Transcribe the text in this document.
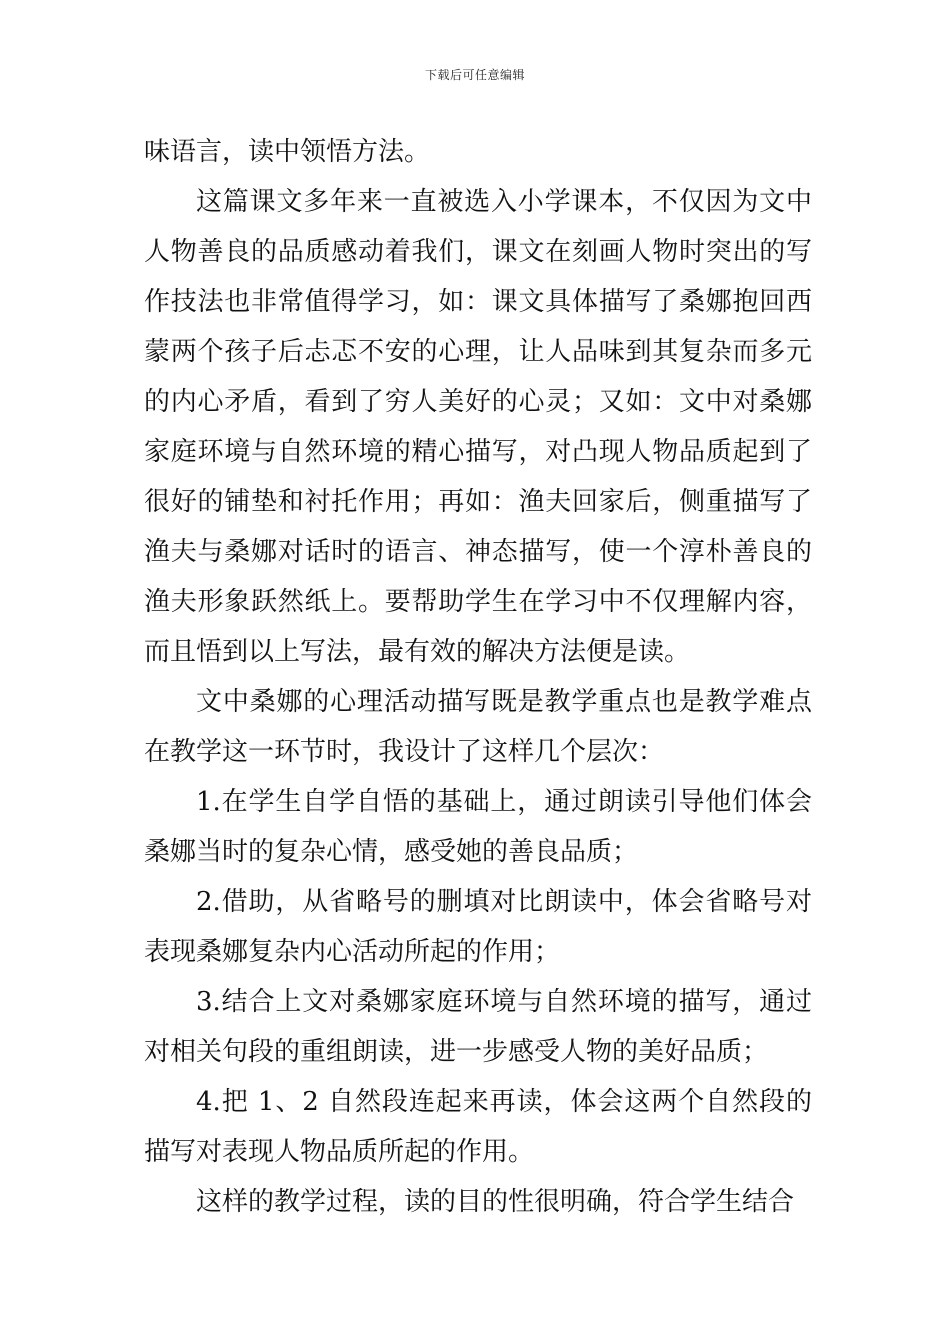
下载后可任意编辑

味语言，读中领悟方法。

这篇课文多年来一直被选入小学课本，不仅因为文中人物善良的品质感动着我们，课文在刻画人物时突出的写作技法也非常值得学习，如：课文具体描写了桑娜抱回西蒙两个孩子后忐忑不安的心理，让人品味到其复杂而多元的内心矛盾，看到了穷人美好的心灵；又如：文中对桑娜家庭环境与自然环境的精心描写，对凸现人物品质起到了很好的铺垫和衬托作用；再如：渔夫回家后，侧重描写了渔夫与桑娜对话时的语言、神态描写，使一个淳朴善良的渔夫形象跃然纸上。要帮助学生在学习中不仅理解内容，而且悟到以上写法，最有效的解决方法便是读。

文中桑娜的心理活动描写既是教学重点也是教学难点在教学这一环节时，我设计了这样几个层次：

1.在学生自学自悟的基础上，通过朗读引导他们体会桑娜当时的复杂心情，感受她的善良品质；

2.借助，从省略号的删填对比朗读中，体会省略号对表现桑娜复杂内心活动所起的作用；

3.结合上文对桑娜家庭环境与自然环境的描写，通过对相关句段的重组朗读，进一步感受人物的美好品质；

4.把 1、2 自然段连起来再读，体会这两个自然段的描写对表现人物品质所起的作用。

这样的教学过程，读的目的性很明确，符合学生结合
